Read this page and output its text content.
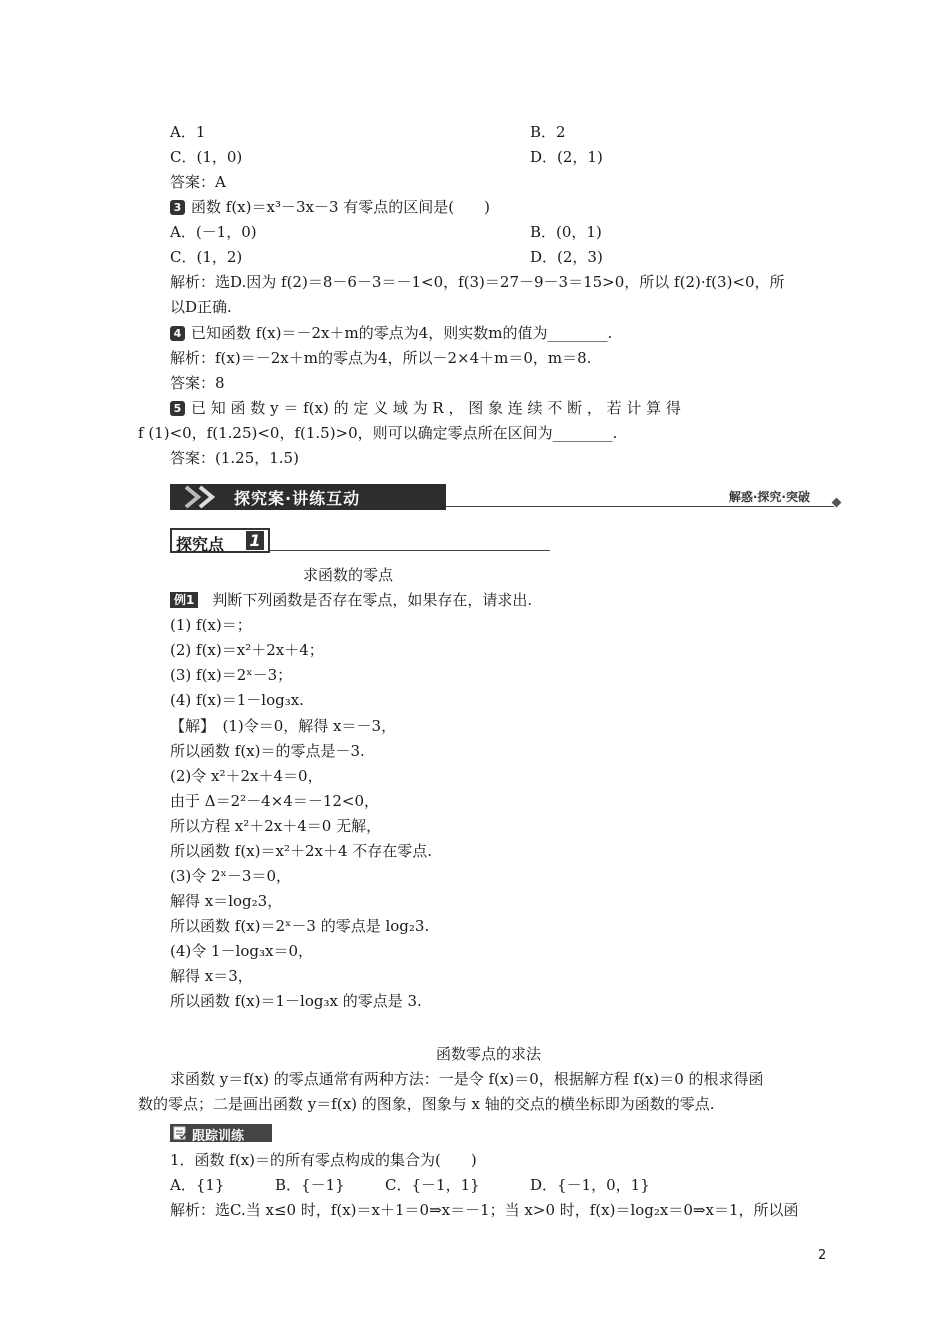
A．1	B．2
C．(1，0)	D．(2，1)
答案：A
3 函数 f(x)＝x³－3x－3 有零点的区间是(　　)
A．(－1，0)	B．(0，1)
C．(1，2)	D．(2，3)
解析：选D.因为 f(2)＝8－6－3＝－1<0，f(3)＝27－9－3＝15>0，所以 f(2)·f(3)<0，所
以D正确.
4 已知函数 f(x)＝－2x＋m的零点为4，则实数m的值为________.
解析：f(x)＝－2x＋m的零点为4，所以－2×4＋m＝0，m＝8.
答案：8
5 已 知 函 数 y ＝ f(x) 的 定 义 域 为 R ， 图 象 连 续 不 断 ， 若 计 算 得
f (1)<0，f(1.25)<0，f(1.5)>0，则可以确定零点所在区间为________.
答案：(1.25，1.5)
探究案·讲练互动	解惑·探究·突破
探究点 1
求函数的零点
例1 判断下列函数是否存在零点，如果存在，请求出.
(1) f(x)＝；
(2) f(x)＝x²＋2x＋4；
(3) f(x)＝2ˣ－3；
(4) f(x)＝1－log₃x.
【解】　(1)令＝0，解得 x＝－3，
所以函数 f(x)＝的零点是－3.
(2)令 x²＋2x＋4＝0，
由于 Δ＝2²－4×4＝－12<0，
所以方程 x²＋2x＋4＝0 无解，
所以函数 f(x)＝x²＋2x＋4 不存在零点.
(3)令 2ˣ－3＝0，
解得 x＝log₂3，
所以函数 f(x)＝2ˣ－3 的零点是 log₂3.
(4)令 1－log₃x＝0，
解得 x＝3，
所以函数 f(x)＝1－log₃x 的零点是 3.
函数零点的求法
求函数 y＝f(x) 的零点通常有两种方法：一是令 f(x)＝0，根据解方程 f(x)＝0 的根求得函
数的零点；二是画出函数 y＝f(x) 的图象，图象与 x 轴的交点的横坐标即为函数的零点.
跟踪训练
1．函数 f(x)＝的所有零点构成的集合为(　　)
A．{1}	B．{－1}	C．{－1，1}	D．{－1，0，1}
解析：选C.当 x≤0 时，f(x)＝x＋1＝0⇒x＝－1；当 x>0 时，f(x)＝log₂x＝0⇒x＝1，所以函
2
